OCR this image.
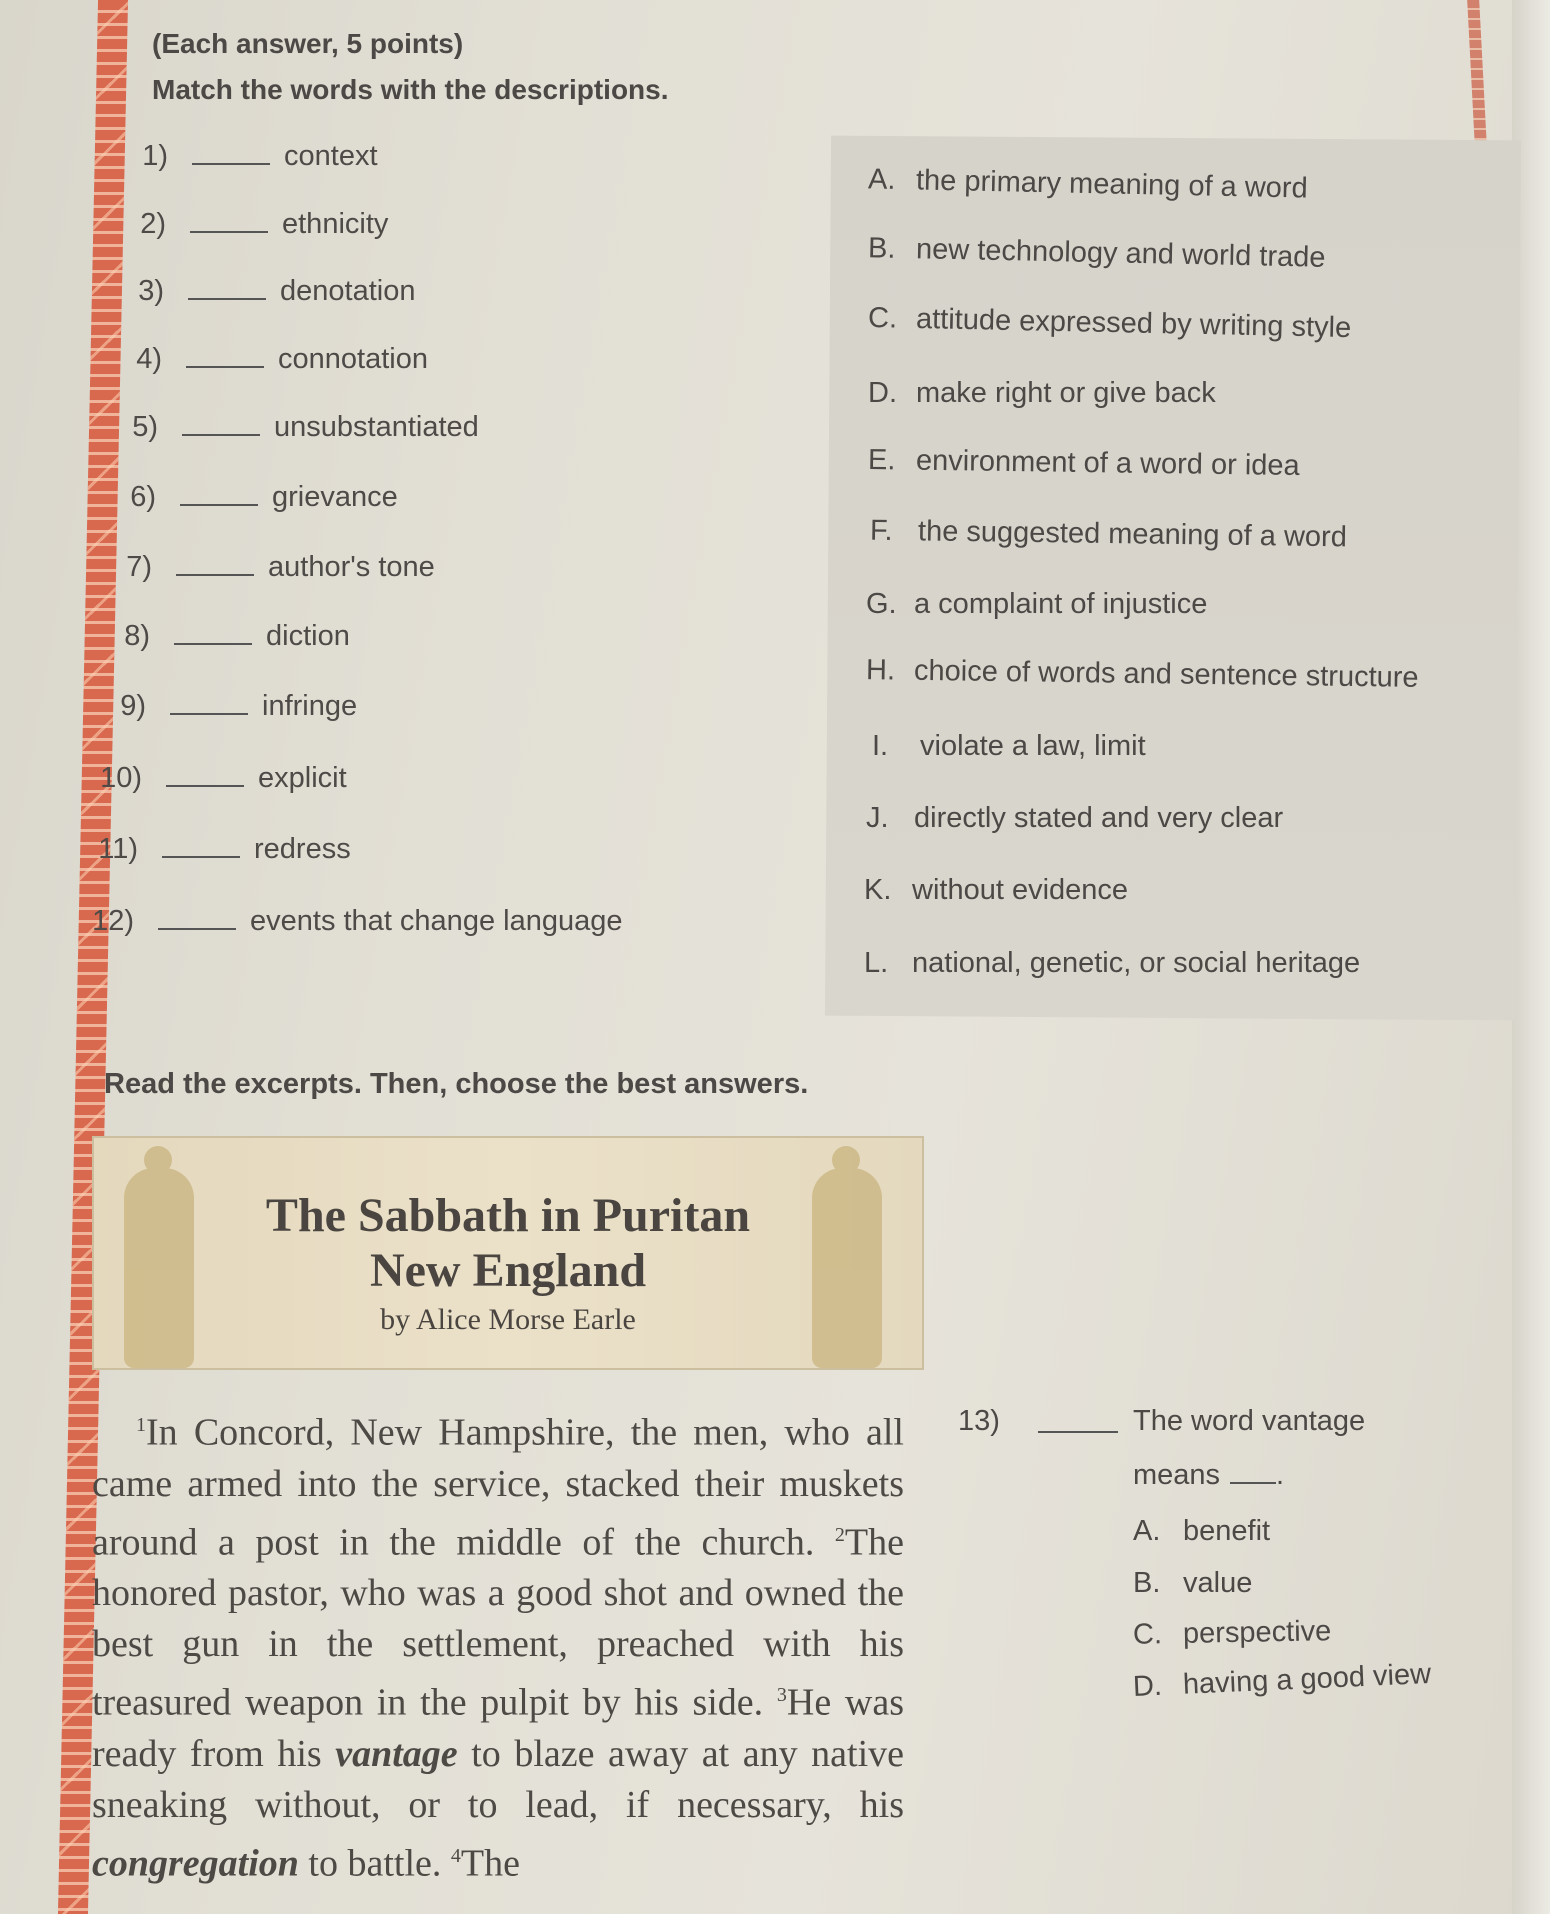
(Each answer, 5 points)
Match the words with the descriptions.
1)	context
2)	ethnicity
3)	denotation
4)	connotation
5)	unsubstantiated
6)	grievance
7)	author's tone
8)	diction
9)	infringe
10)	explicit
11)	redress
12)	events that change language
A. the primary meaning of a word
B. new technology and world trade
C. attitude expressed by writing style
D. make right or give back
E. environment of a word or idea
F. the suggested meaning of a word
G. a complaint of injustice
H. choice of words and sentence structure
I. violate a law, limit
J. directly stated and very clear
K. without evidence
L. national, genetic, or social heritage
Read the excerpts. Then, choose the best answers.
The Sabbath in Puritan
New England
by Alice Morse Earle

$^1$In Concord, New Hampshire, the men, who all came armed into the service, stacked their muskets around a post in the middle of the church. $^2$The honored pastor, who was a good shot and owned the best gun in the settlement, preached with his treasured weapon in the pulpit by his side. $^3$He was ready from his vantage to blaze away at any native sneaking without, or to lead, if necessary, his congregation to battle. $^4$The

13)	The word vantage
means .
A. benefit
B. value
C. perspective
D. having a good view
